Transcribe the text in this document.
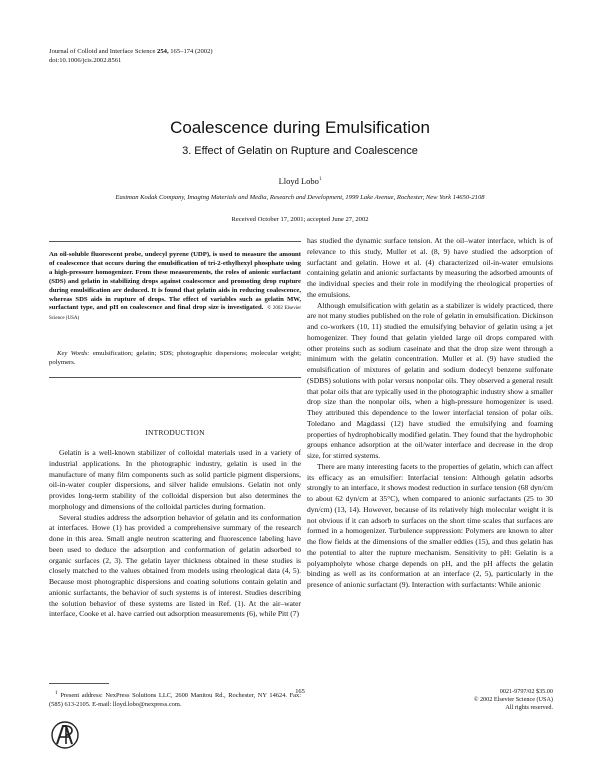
Journal of Colloid and Interface Science 254, 165–174 (2002)
doi:10.1006/jcis.2002.8561
Coalescence during Emulsification
3. Effect of Gelatin on Rupture and Coalescence
Lloyd Lobo$^1$
Eastman Kodak Company, Imaging Materials and Media, Research and Development, 1999 Lake Avenue, Rochester, New York 14650-2108
Received October 17, 2001; accepted June 27, 2002
An oil-soluble fluorescent probe, undecyl pyrene (UDP), is used to measure the amount of coalescence that occurs during the emulsification of tri-2-ethylhexyl phosphate using a high-pressure homogenizer. From these measurements, the roles of anionic surfactant (SDS) and gelatin in stabilizing drops against coalescence and promoting drop rupture during emulsification are deduced. It is found that gelatin aids in reducing coalescence, whereas SDS aids in rupture of drops. The effect of variables such as gelatin MW, surfactant type, and pH on coalescence and final drop size is investigated. © 2002 Elsevier Science (USA)
Key Words: emulsification; gelatin; SDS; photographic dispersions; molecular weight; polymers.
INTRODUCTION

Gelatin is a well-known stabilizer of colloidal materials used in a variety of industrial applications. In the photographic industry, gelatin is used in the manufacture of many film components such as solid particle pigment dispersions, oil-in-water coupler dispersions, and silver halide emulsions. Gelatin not only provides long-term stability of the colloidal dispersion but also determines the morphology and dimensions of the colloidal particles during formation.

Several studies address the adsorption behavior of gelatin and its conformation at interfaces. Howe (1) has provided a comprehensive summary of the research done in this area. Small angle neutron scattering and fluorescence labeling have been used to deduce the adsorption and conformation of gelatin adsorbed to organic surfaces (2, 3). The gelatin layer thickness obtained in these studies is closely matched to the values obtained from models using rheological data (4, 5). Because most photographic dispersions and coating solutions contain gelatin and anionic surfactants, the behavior of such systems is of interest. Studies describing the solution behavior of these systems are listed in Ref. (1). At the air–water interface, Cooke et al. have carried out adsorption measurements (6), while Pitt (7)

has studied the dynamic surface tension. At the oil–water interface, which is of relevance to this study, Muller et al. (8, 9) have studied the adsorption of surfactant and gelatin. Howe et al. (4) characterized oil-in-water emulsions containing gelatin and anionic surfactants by measuring the adsorbed amounts of the individual species and their role in modifying the rheological properties of the emulsions.

Although emulsification with gelatin as a stabilizer is widely practiced, there are not many studies published on the role of gelatin in emulsification. Dickinson and co-workers (10, 11) studied the emulsifying behavior of gelatin using a jet homogenizer. They found that gelatin yielded large oil drops compared with other proteins such as sodium caseinate and that the drop size went through a minimum with the gelatin concentration. Muller et al. (9) have studied the emulsification of mixtures of gelatin and sodium dodecyl benzene sulfonate (SDBS) solutions with polar versus nonpolar oils. They observed a general result that polar oils that are typically used in the photographic industry show a smaller drop size than the nonpolar oils, when a high-pressure homogenizer is used. They attributed this dependence to the lower interfacial tension of polar oils. Toledano and Magdassi (12) have studied the emulsifying and foaming properties of hydrophobically modified gelatin. They found that the hydrophobic groups enhance adsorption at the oil/water interface and decrease in the drop size, for stirred systems.

There are many interesting facets to the properties of gelatin, which can affect its efficacy as an emulsifier: Interfacial tension: Although gelatin adsorbs strongly to an interface, it shows modest reduction in surface tension (68 dyn/cm to about 62 dyn/cm at 35°C), when compared to anionic surfactants (25 to 30 dyn/cm) (13, 14). However, because of its relatively high molecular weight it is not obvious if it can adsorb to surfaces on the short time scales that surfaces are formed in a homogenizer. Turbulence suppression: Polymers are known to alter the flow fields at the dimensions of the smaller eddies (15), and thus gelatin has the potential to alter the rupture mechanism. Sensitivity to pH: Gelatin is a polyampholyte whose charge depends on pH, and the pH affects the gelatin binding as well as its conformation at an interface (2, 5), particularly in the presence of anionic surfactant (9). Interaction with surfactants: While anionic

$^1$ Present address: NexPress Solutions LLC, 2600 Manitou Rd., Rochester, NY 14624. Fax: (585) 613-2105. E-mail: lloyd.lobo@nexpress.com.
165	0021-9797/02 $35.00
© 2002 Elsevier Science (USA)
All rights reserved.
